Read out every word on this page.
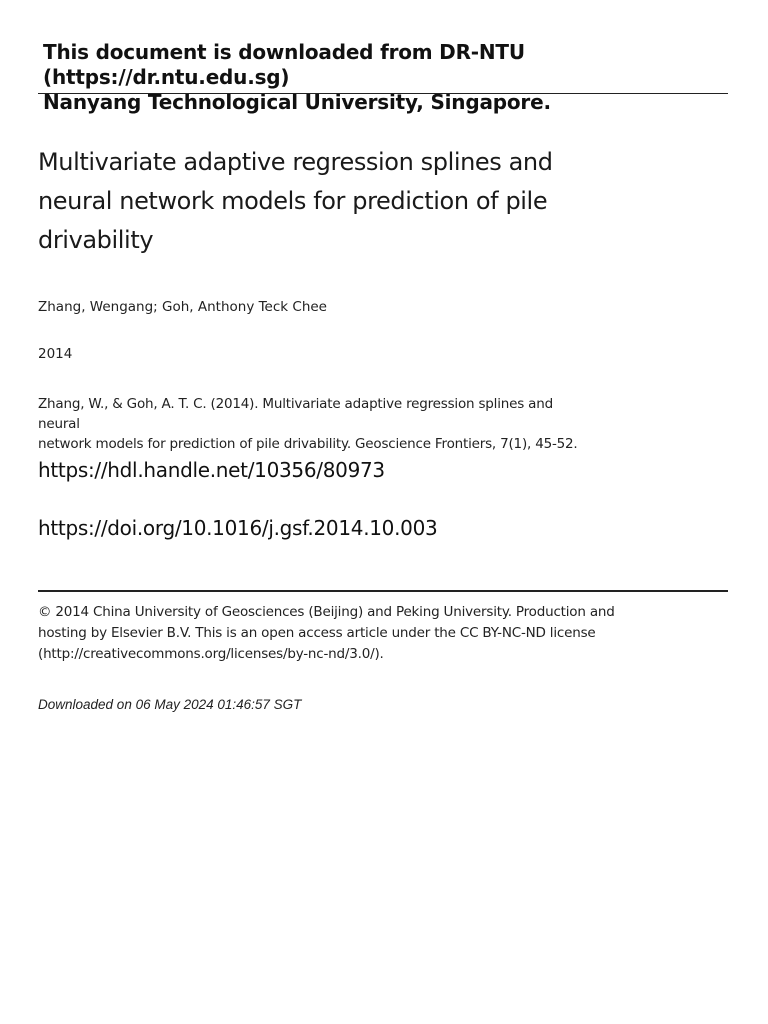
This document is downloaded from DR-NTU (https://dr.ntu.edu.sg)
Nanyang Technological University, Singapore.
Multivariate adaptive regression splines and
neural network models for prediction of pile
drivability
Zhang, Wengang; Goh, Anthony Teck Chee
2014
Zhang, W., & Goh, A. T. C. (2014). Multivariate adaptive regression splines and neural
network models for prediction of pile drivability. Geoscience Frontiers, 7(1), 45-52.
https://hdl.handle.net/10356/80973
https://doi.org/10.1016/j.gsf.2014.10.003
© 2014 China University of Geosciences (Beijing) and Peking University. Production and
hosting by Elsevier B.V. This is an open access article under the CC BY-NC-ND license
(http://creativecommons.org/licenses/by-nc-nd/3.0/).
Downloaded on 06 May 2024 01:46:57 SGT
